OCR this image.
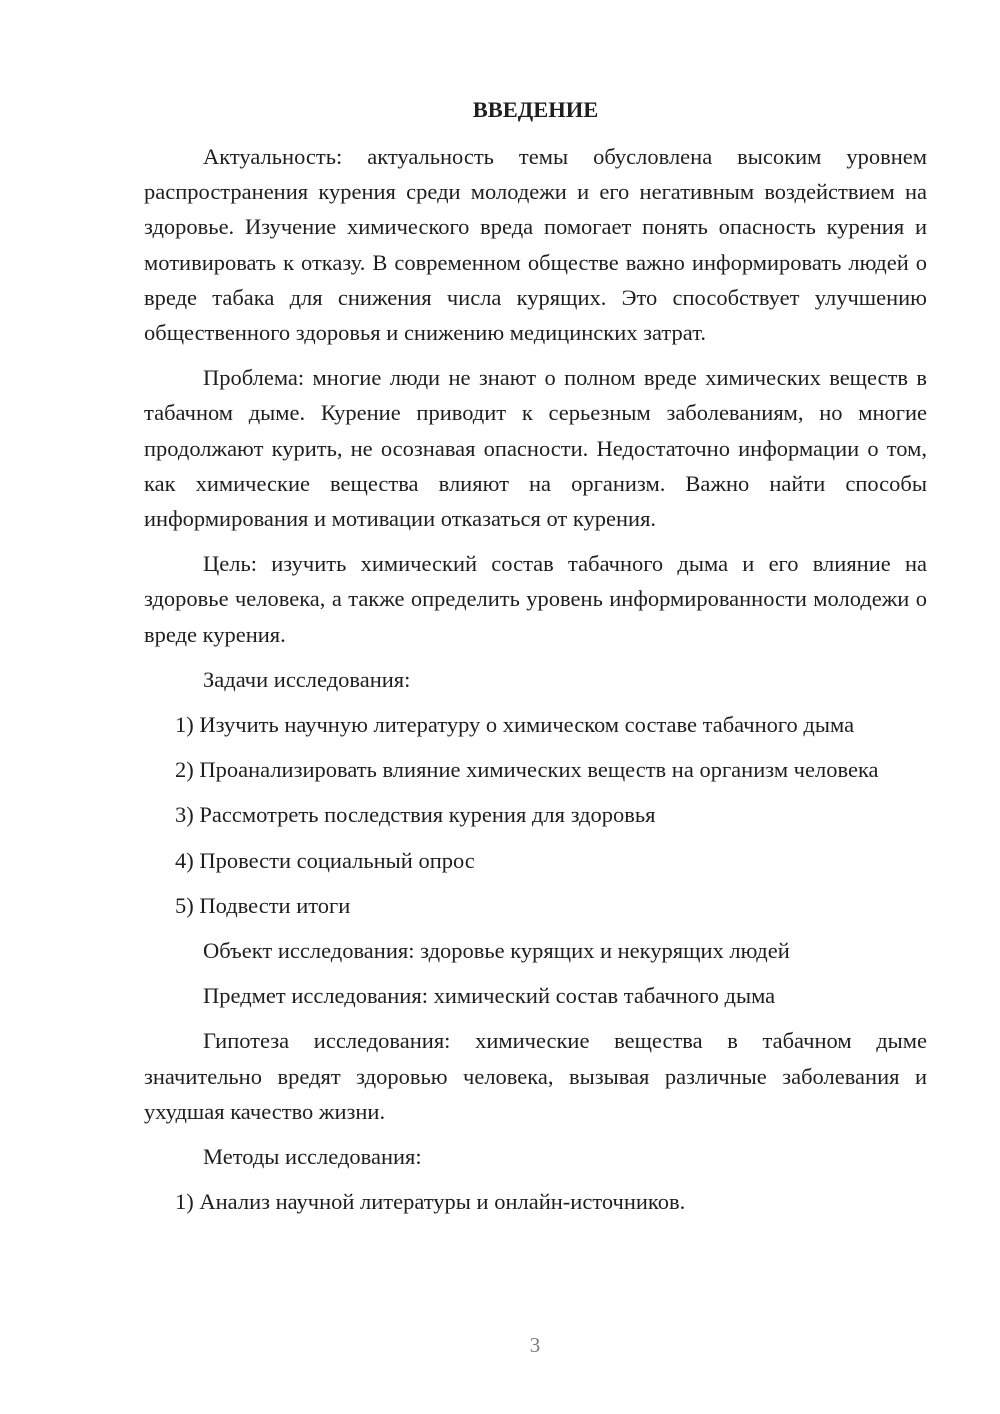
ВВЕДЕНИЕ

Актуальность: актуальность темы обусловлена высоким уровнем распространения курения среди молодежи и его негативным воздействием на здоровье. Изучение химического вреда помогает понять опасность курения и мотивировать к отказу. В современном обществе важно информировать людей о вреде табака для снижения числа курящих. Это способствует улучшению общественного здоровья и снижению медицинских затрат.

Проблема: многие люди не знают о полном вреде химических веществ в табачном дыме. Курение приводит к серьезным заболеваниям, но многие продолжают курить, не осознавая опасности. Недостаточно информации о том, как химические вещества влияют на организм. Важно найти способы информирования и мотивации отказаться от курения.

Цель: изучить химический состав табачного дыма и его влияние на здоровье человека, а также определить уровень информированности молодежи о вреде курения.

Задачи исследования:

1) Изучить научную литературу о химическом составе табачного дыма

2) Проанализировать влияние химических веществ на организм человека

3) Рассмотреть последствия курения для здоровья

4) Провести социальный опрос

5) Подвести итоги

Объект исследования: здоровье курящих и некурящих людей

Предмет исследования: химический состав табачного дыма

Гипотеза исследования: химические вещества в табачном дыме значительно вредят здоровью человека, вызывая различные заболевания и ухудшая качество жизни.

Методы исследования:

1) Анализ научной литературы и онлайн-источников.

3
